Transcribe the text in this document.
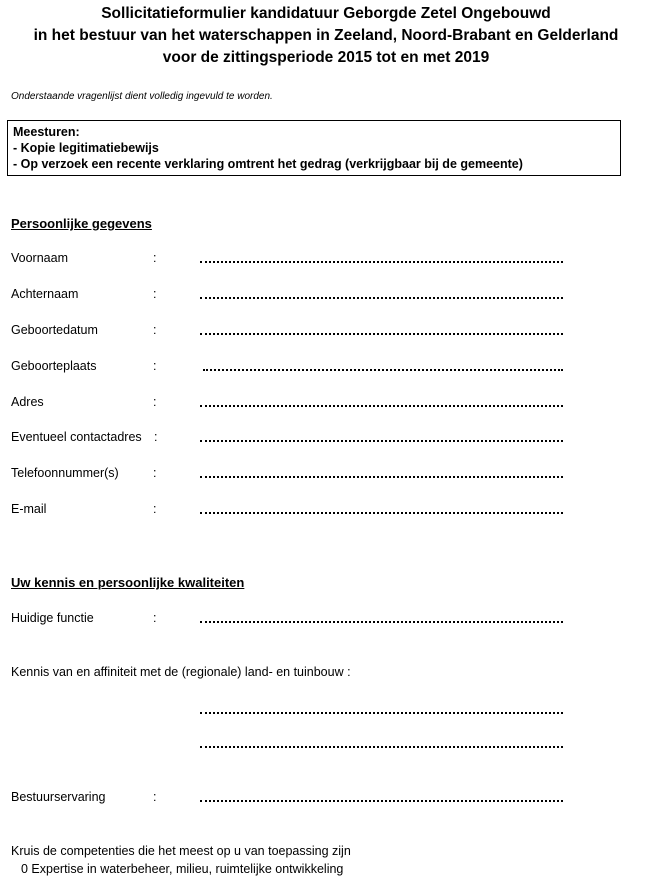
Sollicitatieformulier kandidatuur Geborgde Zetel Ongebouwd
in het bestuur van het waterschappen in Zeeland, Noord-Brabant en Gelderland
voor de zittingsperiode 2015 tot en met 2019
Onderstaande vragenlijst dient volledig ingevuld te worden.
Meesturen:
- Kopie legitimatiebewijs
- Op verzoek een recente verklaring omtrent het gedrag (verkrijgbaar bij de gemeente)
Persoonlijke gegevens
Voornaam	:
Achternaam	:
Geboortedatum	:
Geboorteplaats	:
Adres	:
Eventueel contactadres :
Telefoonnummer(s)	:
E-mail	:
Uw kennis en persoonlijke kwaliteiten
Huidige functie	:
Kennis van en affiniteit met de (regionale) land- en tuinbouw :
Bestuurservaring	:
Kruis de competenties die het meest op u van toepassing zijn
0 Expertise in waterbeheer, milieu, ruimtelijke ontwikkeling
